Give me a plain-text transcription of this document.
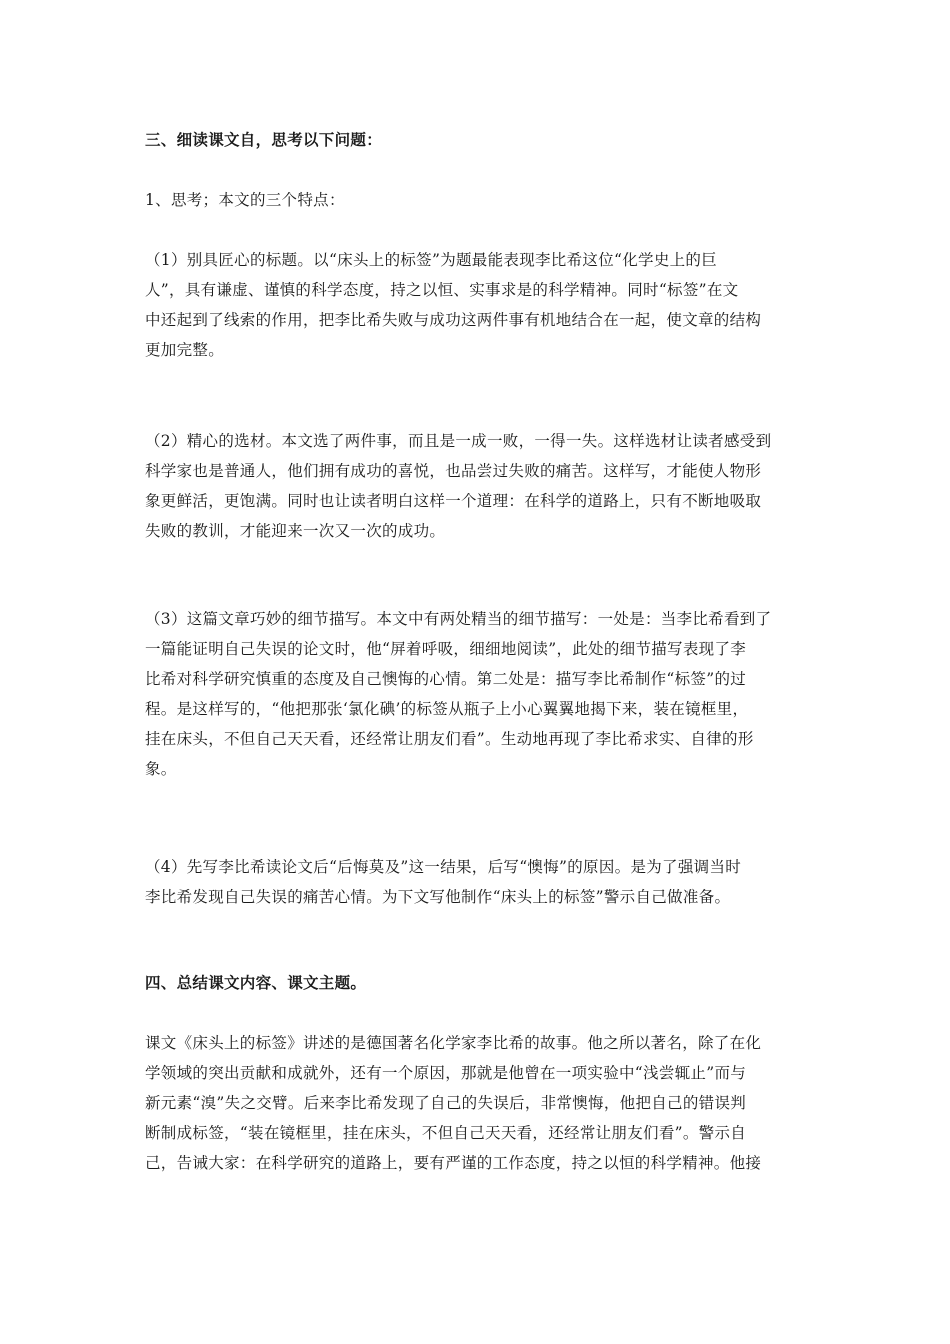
三、细读课文自，思考以下问题：
1、思考；本文的三个特点：
（1）别具匠心的标题。以“床头上的标签”为题最能表现李比希这位“化学史上的巨
人”，具有谦虚、谨慎的科学态度，持之以恒、实事求是的科学精神。同时“标签”在文
中还起到了线索的作用，把李比希失败与成功这两件事有机地结合在一起，使文章的结构
更加完整。
（2）精心的选材。本文选了两件事，而且是一成一败，一得一失。这样选材让读者感受到
科学家也是普通人，他们拥有成功的喜悦，也品尝过失败的痛苦。这样写，才能使人物形
象更鲜活，更饱满。同时也让读者明白这样一个道理：在科学的道路上，只有不断地吸取
失败的教训，才能迎来一次又一次的成功。
（3）这篇文章巧妙的细节描写。本文中有两处精当的细节描写：一处是：当李比希看到了
一篇能证明自己失误的论文时，他“屏着呼吸，细细地阅读”，此处的细节描写表现了李
比希对科学研究慎重的态度及自己懊悔的心情。第二处是：描写李比希制作“标签”的过
程。是这样写的，“他把那张‘氯化碘’的标签从瓶子上小心翼翼地揭下来，装在镜框里，
挂在床头，不但自己天天看，还经常让朋友们看”。生动地再现了李比希求实、自律的形
象。
（4）先写李比希读论文后“后悔莫及”这一结果，后写“懊悔”的原因。是为了强调当时
李比希发现自己失误的痛苦心情。为下文写他制作“床头上的标签”警示自己做准备。
四、总结课文内容、课文主题。
课文《床头上的标签》讲述的是德国著名化学家李比希的故事。他之所以著名，除了在化
学领域的突出贡献和成就外，还有一个原因，那就是他曾在一项实验中“浅尝辄止”而与
新元素“溴”失之交臂。后来李比希发现了自己的失误后，非常懊悔，他把自己的错误判
断制成标签，“装在镜框里，挂在床头，不但自己天天看，还经常让朋友们看”。警示自
己，告诫大家：在科学研究的道路上，要有严谨的工作态度，持之以恒的科学精神。他接
